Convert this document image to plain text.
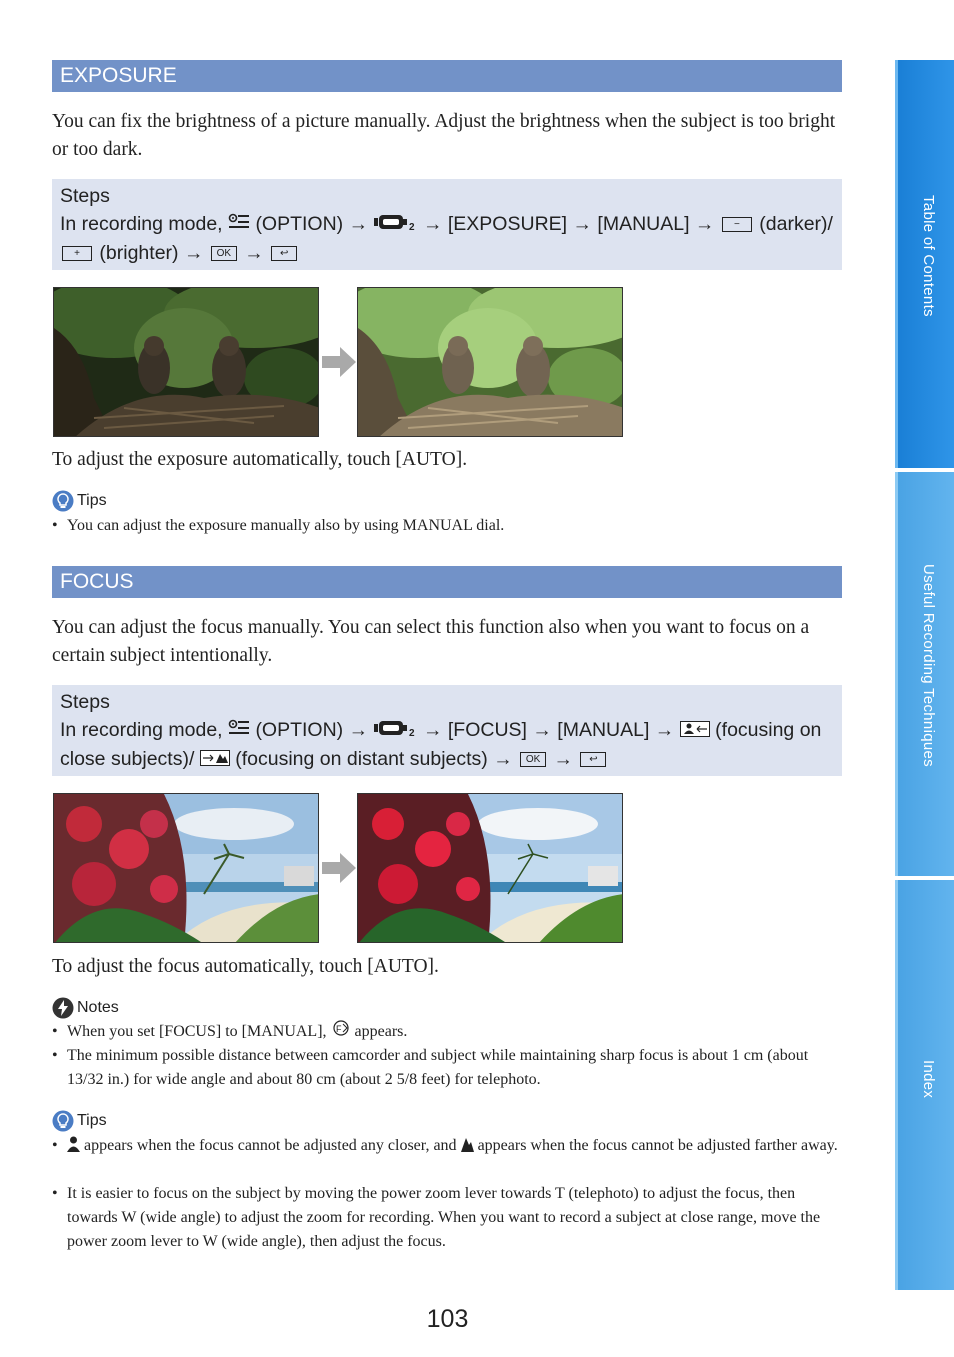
EXPOSURE
You can fix the brightness of a picture manually. Adjust the brightness when the subject is too bright or too dark.
Steps
In recording mode, (OPTION) →	2 → [EXPOSURE] → [MANUAL] → − (darker)/
+ (brighter) → OK → ↩
To adjust the exposure automatically, touch [AUTO].
Tips
• You can adjust the exposure manually also by using MANUAL dial.
FOCUS
You can adjust the focus manually. You can select this function also when you want to focus on a certain subject intentionally.
Steps
In recording mode, (OPTION) →	2 → [FOCUS] → [MANUAL] → (focusing on
close subjects)/ (focusing on distant subjects) → OK → ↩
To adjust the focus automatically, touch [AUTO].
Notes
• When you set [FOCUS] to [MANUAL], F appears.
• The minimum possible distance between camcorder and subject while maintaining sharp focus is about 1 cm (about 13/32 in.) for wide angle and about 80 cm (about 2 5/8 feet) for telephoto.
Tips
• appears when the focus cannot be adjusted any closer, and appears when the focus cannot be adjusted farther away.
• It is easier to focus on the subject by moving the power zoom lever towards T (telephoto) to adjust the focus, then towards W (wide angle) to adjust the zoom for recording. When you want to record a subject at close range, move the power zoom lever to W (wide angle), then adjust the focus.
Table of Contents
Useful Recording Techniques
Index
103
